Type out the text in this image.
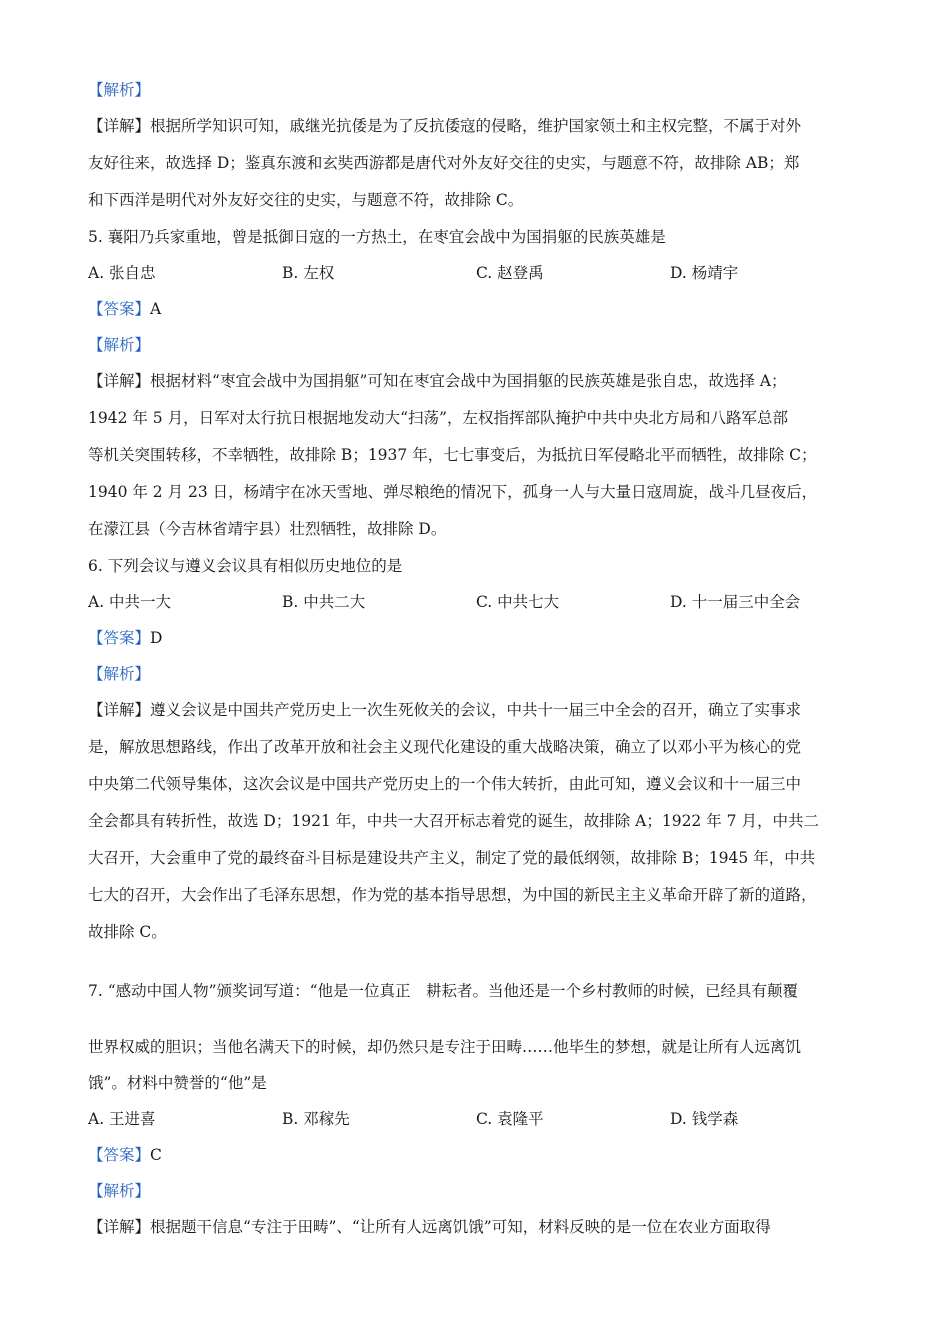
【解析】
【详解】根据所学知识可知，戚继光抗倭是为了反抗倭寇的侵略，维护国家领土和主权完整，不属于对外
友好往来，故选择 D；鉴真东渡和玄奘西游都是唐代对外友好交往的史实，与题意不符，故排除 AB；郑
和下西洋是明代对外友好交往的史实，与题意不符，故排除 C。
5. 襄阳乃兵家重地，曾是抵御日寇的一方热土，在枣宜会战中为国捐躯的民族英雄是
A. 张自忠	B. 左权	C. 赵登禹	D. 杨靖宇
【答案】A
【解析】
【详解】根据材料“枣宜会战中为国捐躯”可知在枣宜会战中为国捐躯的民族英雄是张自忠，故选择 A；
1942 年 5 月，日军对太行抗日根据地发动大“扫荡”，左权指挥部队掩护中共中央北方局和八路军总部
等机关突围转移，不幸牺牲，故排除 B；1937 年，七七事变后，为抵抗日军侵略北平而牺牲，故排除 C；
1940 年 2 月 23 日，杨靖宇在冰天雪地、弹尽粮绝的情况下，孤身一人与大量日寇周旋，战斗几昼夜后，
在濛江县（今吉林省靖宇县）壮烈牺牲，故排除 D。
6. 下列会议与遵义会议具有相似历史地位的是
A. 中共一大	B. 中共二大	C. 中共七大	D. 十一届三中全会
【答案】D
【解析】
【详解】遵义会议是中国共产党历史上一次生死攸关的会议，中共十一届三中全会的召开，确立了实事求
是，解放思想路线，作出了改革开放和社会主义现代化建设的重大战略决策，确立了以邓小平为核心的党
中央第二代领导集体，这次会议是中国共产党历史上的一个伟大转折，由此可知，遵义会议和十一届三中
全会都具有转折性，故选 D；1921 年，中共一大召开标志着党的诞生，故排除 A；1922 年 7 月，中共二
大召开，大会重申了党的最终奋斗目标是建设共产主义，制定了党的最低纲领，故排除 B；1945 年，中共
七大的召开，大会作出了毛泽东思想，作为党的基本指导思想，为中国的新民主主义革命开辟了新的道路，
故排除 C。
7. “感动中国人物”颁奖词写道：“他是一位真正　耕耘者。当他还是一个乡村教师的时候，已经具有颠覆
世界权威的胆识；当他名满天下的时候，却仍然只是专注于田畴……他毕生的梦想，就是让所有人远离饥
饿”。材料中赞誉的“他”是
A. 王进喜	B. 邓稼先	C. 袁隆平	D. 钱学森
【答案】C
【解析】
【详解】根据题干信息“专注于田畴”、“让所有人远离饥饿”可知，材料反映的是一位在农业方面取得
